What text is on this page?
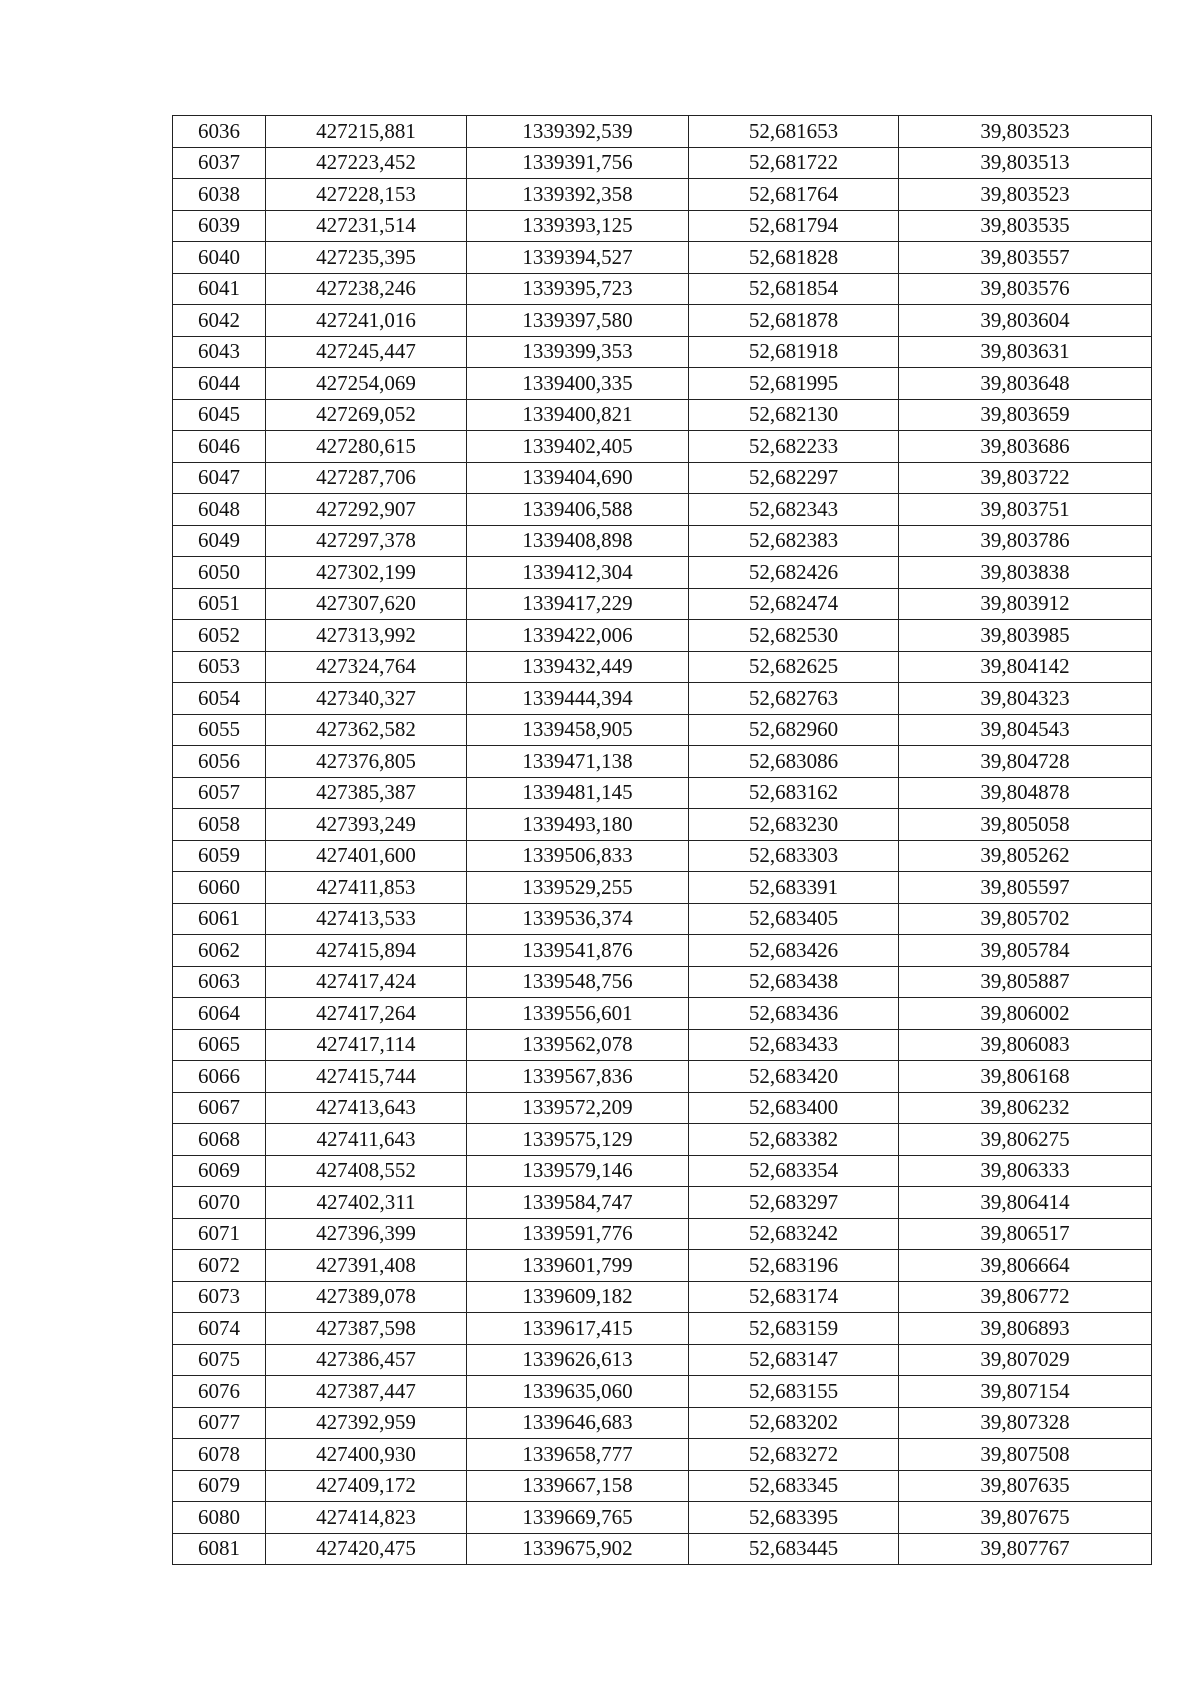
6036	427215,881	1339392,539	52,681653	39,803523
6037	427223,452	1339391,756	52,681722	39,803513
6038	427228,153	1339392,358	52,681764	39,803523
6039	427231,514	1339393,125	52,681794	39,803535
6040	427235,395	1339394,527	52,681828	39,803557
6041	427238,246	1339395,723	52,681854	39,803576
6042	427241,016	1339397,580	52,681878	39,803604
6043	427245,447	1339399,353	52,681918	39,803631
6044	427254,069	1339400,335	52,681995	39,803648
6045	427269,052	1339400,821	52,682130	39,803659
6046	427280,615	1339402,405	52,682233	39,803686
6047	427287,706	1339404,690	52,682297	39,803722
6048	427292,907	1339406,588	52,682343	39,803751
6049	427297,378	1339408,898	52,682383	39,803786
6050	427302,199	1339412,304	52,682426	39,803838
6051	427307,620	1339417,229	52,682474	39,803912
6052	427313,992	1339422,006	52,682530	39,803985
6053	427324,764	1339432,449	52,682625	39,804142
6054	427340,327	1339444,394	52,682763	39,804323
6055	427362,582	1339458,905	52,682960	39,804543
6056	427376,805	1339471,138	52,683086	39,804728
6057	427385,387	1339481,145	52,683162	39,804878
6058	427393,249	1339493,180	52,683230	39,805058
6059	427401,600	1339506,833	52,683303	39,805262
6060	427411,853	1339529,255	52,683391	39,805597
6061	427413,533	1339536,374	52,683405	39,805702
6062	427415,894	1339541,876	52,683426	39,805784
6063	427417,424	1339548,756	52,683438	39,805887
6064	427417,264	1339556,601	52,683436	39,806002
6065	427417,114	1339562,078	52,683433	39,806083
6066	427415,744	1339567,836	52,683420	39,806168
6067	427413,643	1339572,209	52,683400	39,806232
6068	427411,643	1339575,129	52,683382	39,806275
6069	427408,552	1339579,146	52,683354	39,806333
6070	427402,311	1339584,747	52,683297	39,806414
6071	427396,399	1339591,776	52,683242	39,806517
6072	427391,408	1339601,799	52,683196	39,806664
6073	427389,078	1339609,182	52,683174	39,806772
6074	427387,598	1339617,415	52,683159	39,806893
6075	427386,457	1339626,613	52,683147	39,807029
6076	427387,447	1339635,060	52,683155	39,807154
6077	427392,959	1339646,683	52,683202	39,807328
6078	427400,930	1339658,777	52,683272	39,807508
6079	427409,172	1339667,158	52,683345	39,807635
6080	427414,823	1339669,765	52,683395	39,807675
6081	427420,475	1339675,902	52,683445	39,807767
